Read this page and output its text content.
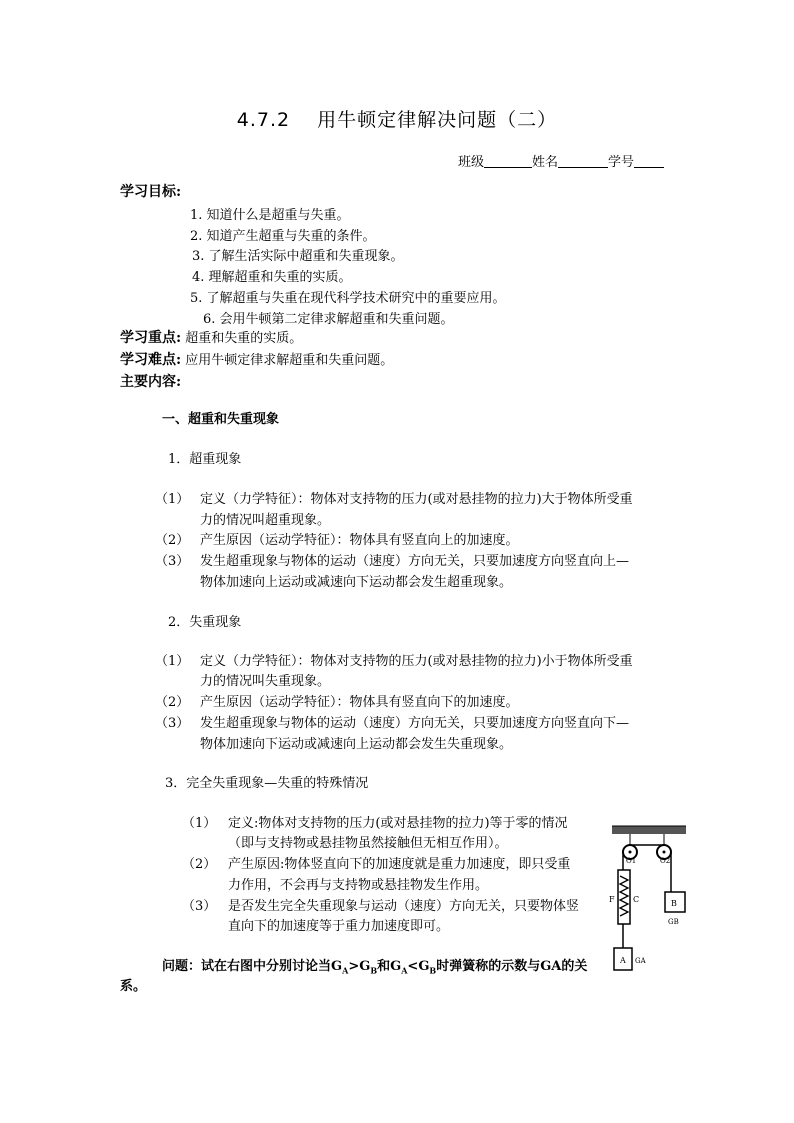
4.7.2　 用牛顿定律解决问题（二）
班级	姓名	学号
学习目标:
1. 知道什么是超重与失重。
2. 知道产生超重与失重的条件。
3. 了解生活实际中超重和失重现象。
4. 理解超重和失重的实质。
5. 了解超重与失重在现代科学技术研究中的重要应用。
6. 会用牛顿第二定律求解超重和失重问题。
学习重点: 超重和失重的实质。
学习难点: 应用牛顿定律求解超重和失重问题。
主要内容:
一、超重和失重现象
1．超重现象
（1） 定义（力学特征）：物体对支持物的压力(或对悬挂物的拉力)大于物体所受重
力的情况叫超重现象。
（2） 产生原因（运动学特征）：物体具有竖直向上的加速度。
（3） 发生超重现象与物体的运动（速度）方向无关，只要加速度方向竖直向上—
物体加速向上运动或减速向下运动都会发生超重现象。
2．失重现象
（1） 定义（力学特征）：物体对支持物的压力(或对悬挂物的拉力)小于物体所受重
力的情况叫失重现象。
（2） 产生原因（运动学特征）：物体具有竖直向下的加速度。
（3） 发生超重现象与物体的运动（速度）方向无关，只要加速度方向竖直向下—
物体加速向下运动或减速向上运动都会发生失重现象。
3．完全失重现象—失重的特殊情况
（1） 定义:物体对支持物的压力(或对悬挂物的拉力)等于零的情况
（即与支持物或悬挂物虽然接触但无相互作用）。
（2） 产生原因:物体竖直向下的加速度就是重力加速度，即只受重
力作用，不会再与支持物或悬挂物发生作用。
（3） 是否发生完全失重现象与运动（速度）方向无关，只要物体竖
直向下的加速度等于重力加速度即可。
问题：试在右图中分别讨论当$G_A>G_B$和$G_A<G_B$时弹簧称的示数与GA的关
系。
O1	O2
F C	B
GB
A GA
